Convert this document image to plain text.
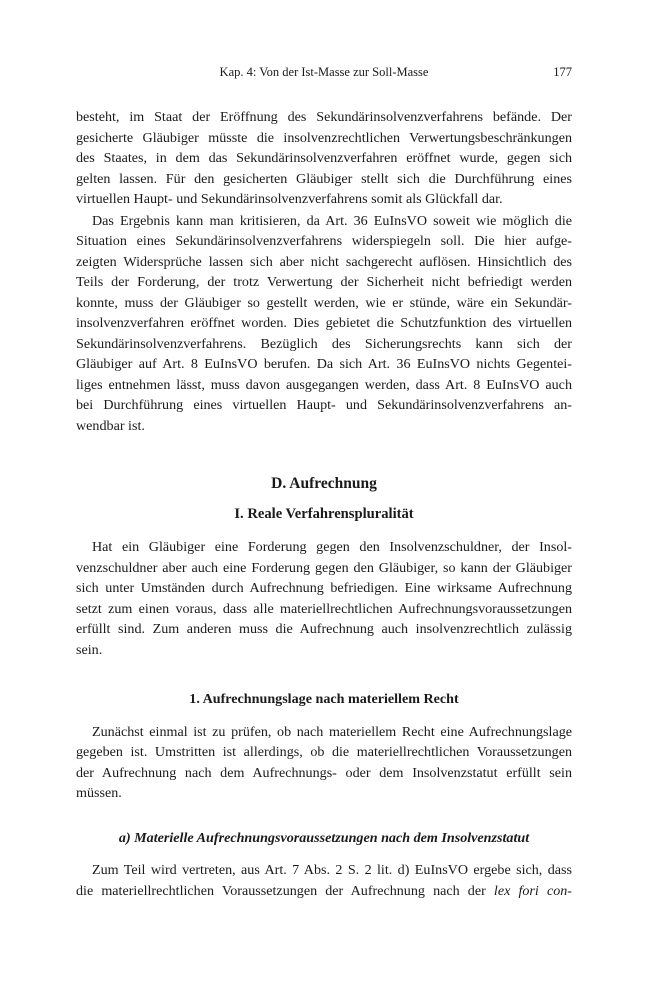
Kap. 4: Von der Ist-Masse zur Soll-Masse	177

besteht, im Staat der Eröffnung des Sekundärinsolvenzverfahrens befände. Der
gesicherte Gläubiger müsste die insolvenzrechtlichen Verwertungsbeschränkungen
des Staates, in dem das Sekundärinsolvenzverfahren eröffnet wurde, gegen sich
gelten lassen. Für den gesicherten Gläubiger stellt sich die Durchführung eines
virtuellen Haupt- und Sekundärinsolvenzverfahrens somit als Glückfall dar.

Das Ergebnis kann man kritisieren, da Art. 36 EuInsVO soweit wie möglich die
Situation eines Sekundärinsolvenzverfahrens widerspiegeln soll. Die hier aufge-
zeigten Widersprüche lassen sich aber nicht sachgerecht auflösen. Hinsichtlich des
Teils der Forderung, der trotz Verwertung der Sicherheit nicht befriedigt werden
konnte, muss der Gläubiger so gestellt werden, wie er stünde, wäre ein Sekundär-
insolvenzverfahren eröffnet worden. Dies gebietet die Schutzfunktion des virtuellen
Sekundärinsolvenzverfahrens. Bezüglich des Sicherungsrechts kann sich der
Gläubiger auf Art. 8 EuInsVO berufen. Da sich Art. 36 EuInsVO nichts Gegentei-
liges entnehmen lässt, muss davon ausgegangen werden, dass Art. 8 EuInsVO auch
bei Durchführung eines virtuellen Haupt- und Sekundärinsolvenzverfahrens an-
wendbar ist.

D. Aufrechnung
I. Reale Verfahrenspluralität

Hat ein Gläubiger eine Forderung gegen den Insolvenzschuldner, der Insol-
venzschuldner aber auch eine Forderung gegen den Gläubiger, so kann der Gläubiger
sich unter Umständen durch Aufrechnung befriedigen. Eine wirksame Aufrechnung
setzt zum einen voraus, dass alle materiellrechtlichen Aufrechnungsvoraussetzungen
erfüllt sind. Zum anderen muss die Aufrechnung auch insolvenzrechtlich zulässig
sein.

1. Aufrechnungslage nach materiellem Recht

Zunächst einmal ist zu prüfen, ob nach materiellem Recht eine Aufrechnungslage
gegeben ist. Umstritten ist allerdings, ob die materiellrechtlichen Voraussetzungen
der Aufrechnung nach dem Aufrechnungs- oder dem Insolvenzstatut erfüllt sein
müssen.

a) Materielle Aufrechnungsvoraussetzungen nach dem Insolvenzstatut

Zum Teil wird vertreten, aus Art. 7 Abs. 2 S. 2 lit. d) EuInsVO ergebe sich, dass
die materiellrechtlichen Voraussetzungen der Aufrechnung nach der lex fori con-
